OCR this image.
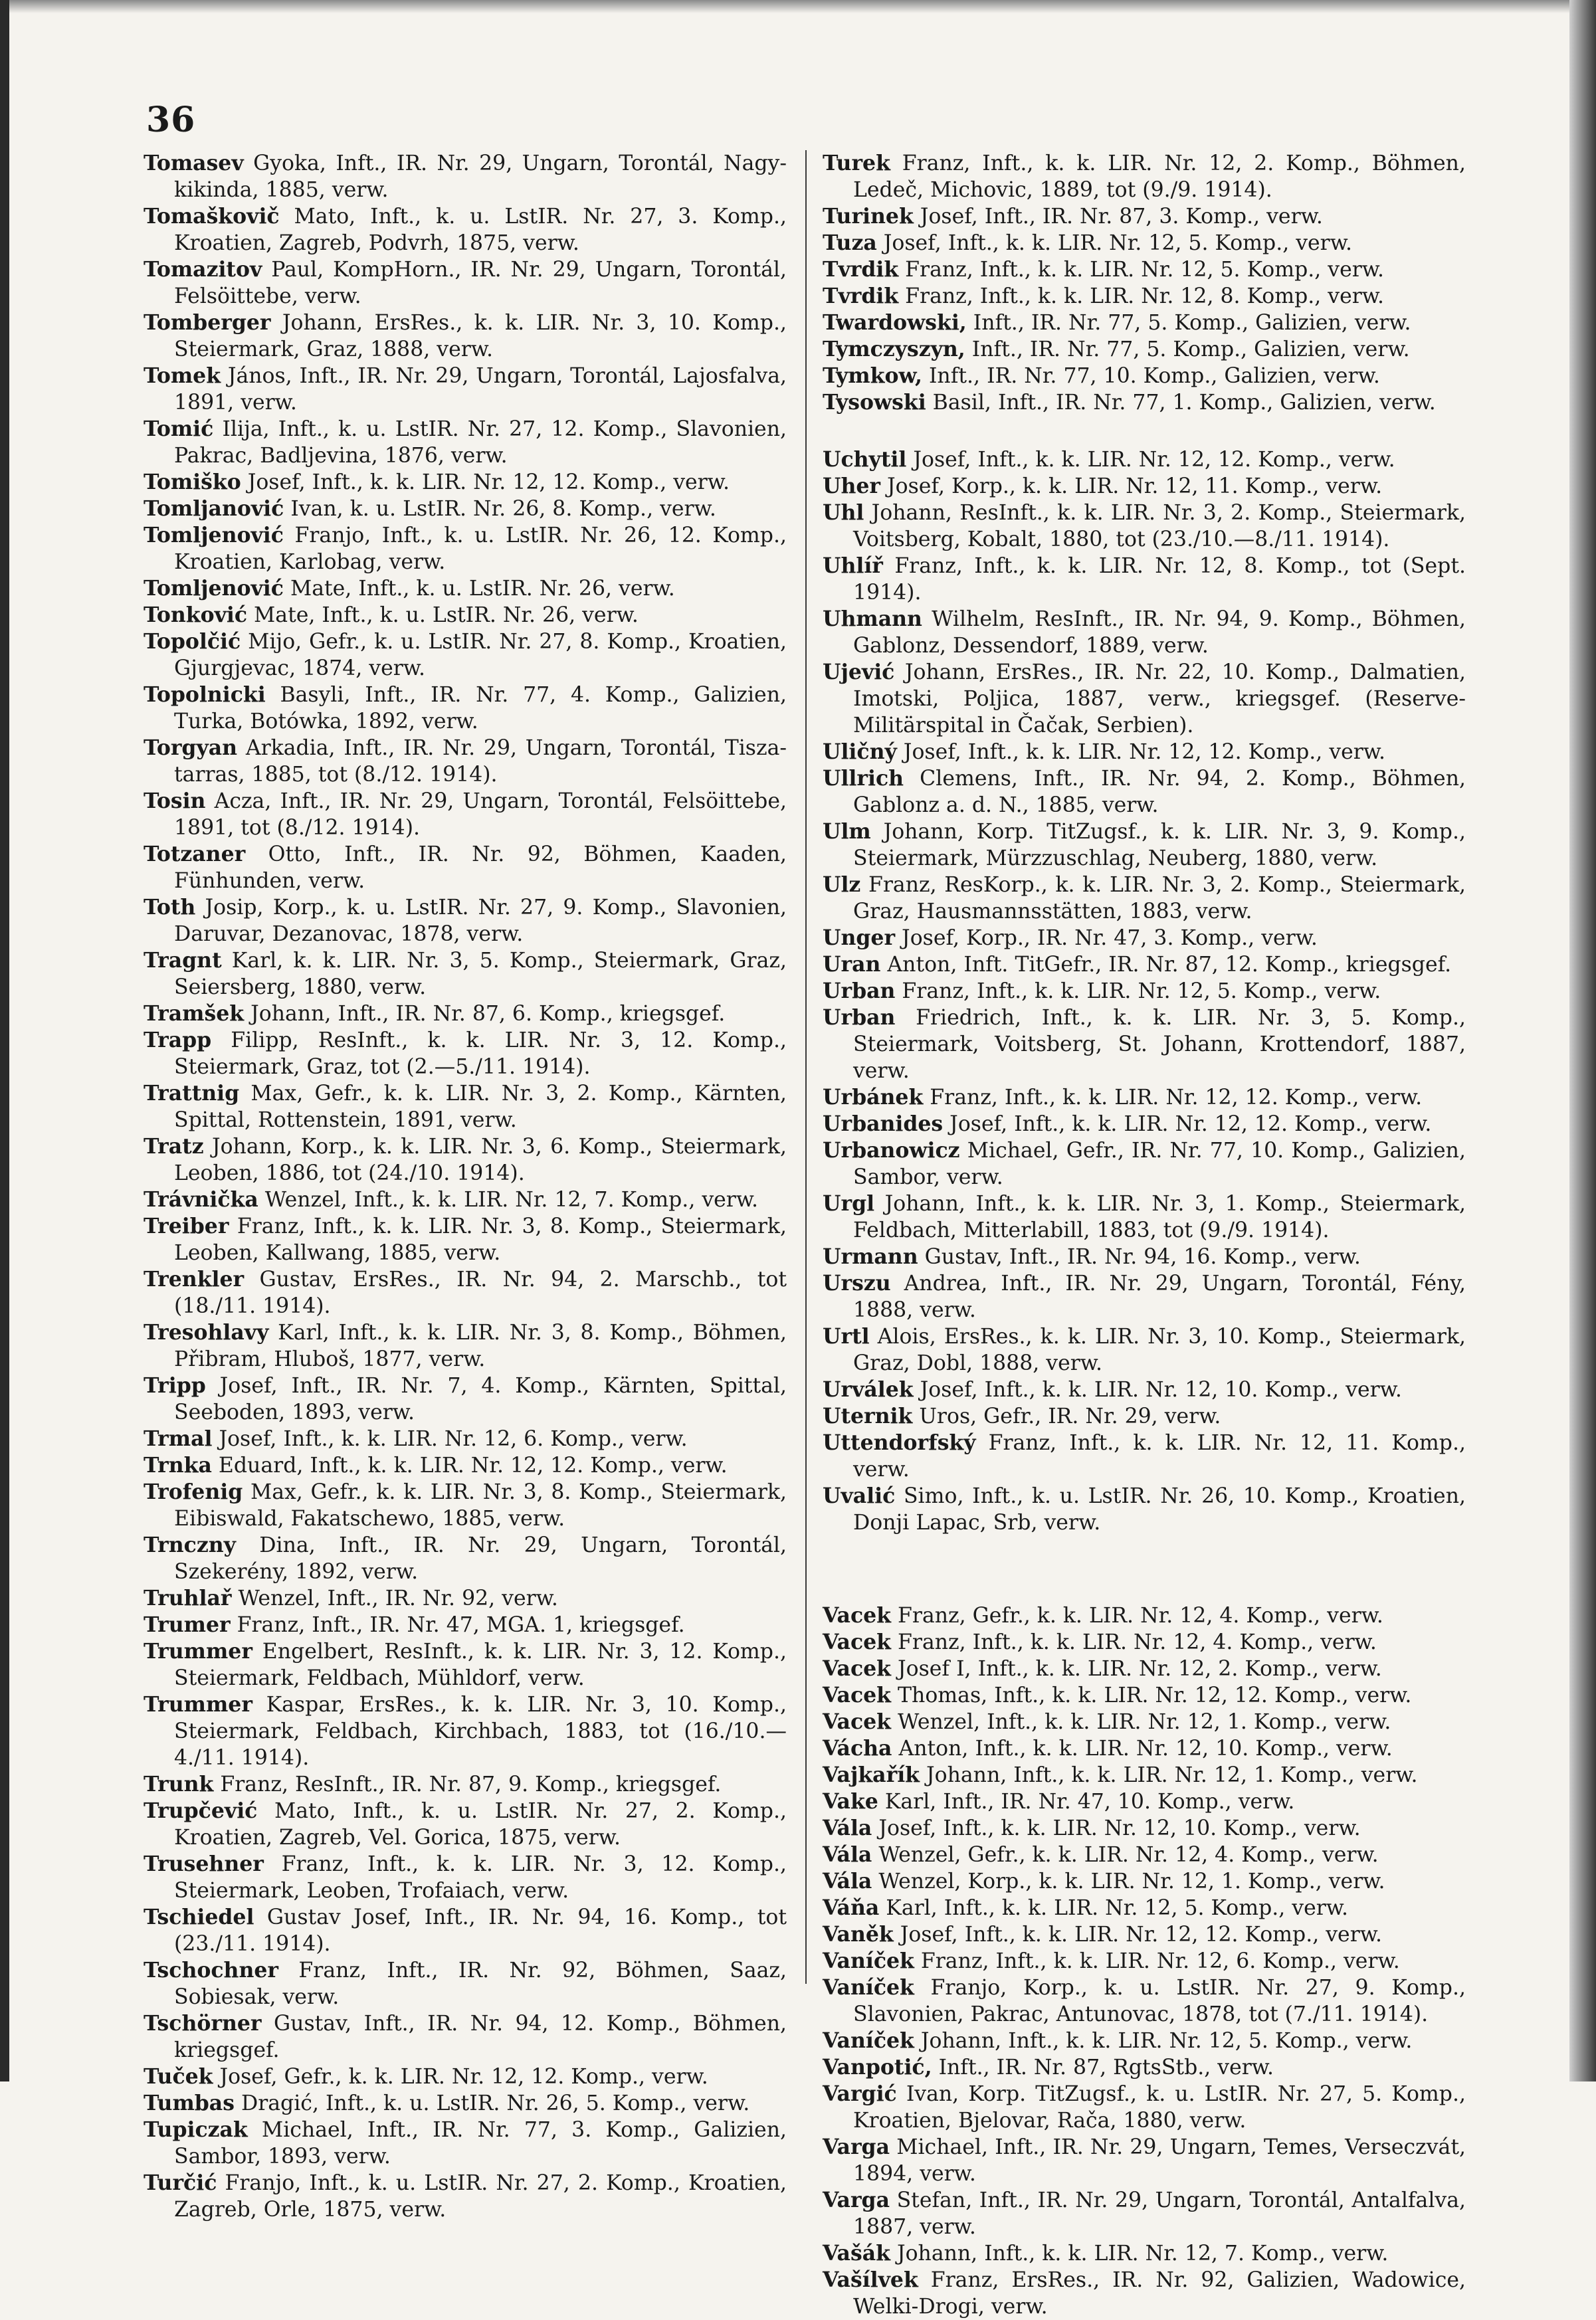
36

Tomasev Gyoka, Inft., IR. Nr. 29, Ungarn, Torontál, Nagy-kikinda, 1885, verw.

Tomaškovič Mato, Inft., k. u. LstIR. Nr. 27, 3. Komp., Kroatien, Zagreb, Podvrh, 1875, verw.

Tomazitov Paul, KompHorn., IR. Nr. 29, Ungarn, Torontál, Felsöittebe, verw.

Tomberger Johann, ErsRes., k. k. LIR. Nr. 3, 10. Komp., Steiermark, Graz, 1888, verw.

Tomek János, Inft., IR. Nr. 29, Ungarn, Torontál, Lajosfalva, 1891, verw.

Tomić Ilija, Inft., k. u. LstIR. Nr. 27, 12. Komp., Slavonien, Pakrac, Badljevina, 1876, verw.

Tomiško Josef, Inft., k. k. LIR. Nr. 12, 12. Komp., verw.

Tomljanović Ivan, k. u. LstIR. Nr. 26, 8. Komp., verw.

Tomljenović Franjo, Inft., k. u. LstIR. Nr. 26, 12. Komp., Kroatien, Karlobag, verw.

Tomljenović Mate, Inft., k. u. LstIR. Nr. 26, verw.

Tonković Mate, Inft., k. u. LstIR. Nr. 26, verw.

Topolčić Mijo, Gefr., k. u. LstIR. Nr. 27, 8. Komp., Kroatien, Gjurgjevac, 1874, verw.

Topolnicki Basyli, Inft., IR. Nr. 77, 4. Komp., Galizien, Turka, Botówka, 1892, verw.

Torgyan Arkadia, Inft., IR. Nr. 29, Ungarn, Torontál, Tisza-tarras, 1885, tot (8./12. 1914).

Tosin Acza, Inft., IR. Nr. 29, Ungarn, Torontál, Felsöittebe, 1891, tot (8./12. 1914).

Totzaner Otto, Inft., IR. Nr. 92, Böhmen, Kaaden, Fünhunden, verw.

Toth Josip, Korp., k. u. LstIR. Nr. 27, 9. Komp., Slavonien, Daruvar, Dezanovac, 1878, verw.

Tragnt Karl, k. k. LIR. Nr. 3, 5. Komp., Steiermark, Graz, Seiersberg, 1880, verw.

Tramšek Johann, Inft., IR. Nr. 87, 6. Komp., kriegsgef.

Trapp Filipp, ResInft., k. k. LIR. Nr. 3, 12. Komp., Steiermark, Graz, tot (2.—5./11. 1914).

Trattnig Max, Gefr., k. k. LIR. Nr. 3, 2. Komp., Kärnten, Spittal, Rottenstein, 1891, verw.

Tratz Johann, Korp., k. k. LIR. Nr. 3, 6. Komp., Steiermark, Leoben, 1886, tot (24./10. 1914).

Trávnička Wenzel, Inft., k. k. LIR. Nr. 12, 7. Komp., verw.

Treiber Franz, Inft., k. k. LIR. Nr. 3, 8. Komp., Steiermark, Leoben, Kallwang, 1885, verw.

Trenkler Gustav, ErsRes., IR. Nr. 94, 2. Marschb., tot (18./11. 1914).

Tresohlavy Karl, Inft., k. k. LIR. Nr. 3, 8. Komp., Böhmen, Přibram, Hluboš, 1877, verw.

Tripp Josef, Inft., IR. Nr. 7, 4. Komp., Kärnten, Spittal, Seeboden, 1893, verw.

Trmal Josef, Inft., k. k. LIR. Nr. 12, 6. Komp., verw.

Trnka Eduard, Inft., k. k. LIR. Nr. 12, 12. Komp., verw.

Trofenig Max, Gefr., k. k. LIR. Nr. 3, 8. Komp., Steiermark, Eibiswald, Fakatschewo, 1885, verw.

Trnczny Dina, Inft., IR. Nr. 29, Ungarn, Torontál, Szekerény, 1892, verw.

Truhlař Wenzel, Inft., IR. Nr. 92, verw.

Trumer Franz, Inft., IR. Nr. 47, MGA. 1, kriegsgef.

Trummer Engelbert, ResInft., k. k. LIR. Nr. 3, 12. Komp., Steiermark, Feldbach, Mühldorf, verw.

Trummer Kaspar, ErsRes., k. k. LIR. Nr. 3, 10. Komp., Steiermark, Feldbach, Kirchbach, 1883, tot (16./10.—4./11. 1914).

Trunk Franz, ResInft., IR. Nr. 87, 9. Komp., kriegsgef.

Trupčević Mato, Inft., k. u. LstIR. Nr. 27, 2. Komp., Kroatien, Zagreb, Vel. Gorica, 1875, verw.

Trusehner Franz, Inft., k. k. LIR. Nr. 3, 12. Komp., Steiermark, Leoben, Trofaiach, verw.

Tschiedel Gustav Josef, Inft., IR. Nr. 94, 16. Komp., tot (23./11. 1914).

Tschochner Franz, Inft., IR. Nr. 92, Böhmen, Saaz, Sobiesak, verw.

Tschörner Gustav, Inft., IR. Nr. 94, 12. Komp., Böhmen, kriegsgef.

Tuček Josef, Gefr., k. k. LIR. Nr. 12, 12. Komp., verw.

Tumbas Dragić, Inft., k. u. LstIR. Nr. 26, 5. Komp., verw.

Tupiczak Michael, Inft., IR. Nr. 77, 3. Komp., Galizien, Sambor, 1893, verw.

Turčić Franjo, Inft., k. u. LstIR. Nr. 27, 2. Komp., Kroatien, Zagreb, Orle, 1875, verw.

Turek Franz, Inft., k. k. LIR. Nr. 12, 2. Komp., Böhmen, Ledeč, Michovic, 1889, tot (9./9. 1914).

Turinek Josef, Inft., IR. Nr. 87, 3. Komp., verw.

Tuza Josef, Inft., k. k. LIR. Nr. 12, 5. Komp., verw.

Tvrdik Franz, Inft., k. k. LIR. Nr. 12, 5. Komp., verw.

Tvrdik Franz, Inft., k. k. LIR. Nr. 12, 8. Komp., verw.

Twardowski, Inft., IR. Nr. 77, 5. Komp., Galizien, verw.

Tymczyszyn, Inft., IR. Nr. 77, 5. Komp., Galizien, verw.

Tymkow, Inft., IR. Nr. 77, 10. Komp., Galizien, verw.

Tysowski Basil, Inft., IR. Nr. 77, 1. Komp., Galizien, verw.

Uchytil Josef, Inft., k. k. LIR. Nr. 12, 12. Komp., verw.

Uher Josef, Korp., k. k. LIR. Nr. 12, 11. Komp., verw.

Uhl Johann, ResInft., k. k. LIR. Nr. 3, 2. Komp., Steiermark, Voitsberg, Kobalt, 1880, tot (23./10.—8./11. 1914).

Uhlíř Franz, Inft., k. k. LIR. Nr. 12, 8. Komp., tot (Sept. 1914).

Uhmann Wilhelm, ResInft., IR. Nr. 94, 9. Komp., Böhmen, Gablonz, Dessendorf, 1889, verw.

Ujević Johann, ErsRes., IR. Nr. 22, 10. Komp., Dalmatien, Imotski, Poljica, 1887, verw., kriegsgef. (Reserve-Militärspital in Čačak, Serbien).

Uličný Josef, Inft., k. k. LIR. Nr. 12, 12. Komp., verw.

Ullrich Clemens, Inft., IR. Nr. 94, 2. Komp., Böhmen, Gablonz a. d. N., 1885, verw.

Ulm Johann, Korp. TitZugsf., k. k. LIR. Nr. 3, 9. Komp., Steiermark, Mürzzuschlag, Neuberg, 1880, verw.

Ulz Franz, ResKorp., k. k. LIR. Nr. 3, 2. Komp., Steiermark, Graz, Hausmannsstätten, 1883, verw.

Unger Josef, Korp., IR. Nr. 47, 3. Komp., verw.

Uran Anton, Inft. TitGefr., IR. Nr. 87, 12. Komp., kriegsgef.

Urban Franz, Inft., k. k. LIR. Nr. 12, 5. Komp., verw.

Urban Friedrich, Inft., k. k. LIR. Nr. 3, 5. Komp., Steiermark, Voitsberg, St. Johann, Krottendorf, 1887, verw.

Urbánek Franz, Inft., k. k. LIR. Nr. 12, 12. Komp., verw.

Urbanides Josef, Inft., k. k. LIR. Nr. 12, 12. Komp., verw.

Urbanowicz Michael, Gefr., IR. Nr. 77, 10. Komp., Galizien, Sambor, verw.

Urgl Johann, Inft., k. k. LIR. Nr. 3, 1. Komp., Steiermark, Feldbach, Mitterlabill, 1883, tot (9./9. 1914).

Urmann Gustav, Inft., IR. Nr. 94, 16. Komp., verw.

Urszu Andrea, Inft., IR. Nr. 29, Ungarn, Torontál, Fény, 1888, verw.

Urtl Alois, ErsRes., k. k. LIR. Nr. 3, 10. Komp., Steiermark, Graz, Dobl, 1888, verw.

Urválek Josef, Inft., k. k. LIR. Nr. 12, 10. Komp., verw.

Uternik Uros, Gefr., IR. Nr. 29, verw.

Uttendorfský Franz, Inft., k. k. LIR. Nr. 12, 11. Komp., verw.

Uvalić Simo, Inft., k. u. LstIR. Nr. 26, 10. Komp., Kroatien, Donji Lapac, Srb, verw.

Vacek Franz, Gefr., k. k. LIR. Nr. 12, 4. Komp., verw.

Vacek Franz, Inft., k. k. LIR. Nr. 12, 4. Komp., verw.

Vacek Josef I, Inft., k. k. LIR. Nr. 12, 2. Komp., verw.

Vacek Thomas, Inft., k. k. LIR. Nr. 12, 12. Komp., verw.

Vacek Wenzel, Inft., k. k. LIR. Nr. 12, 1. Komp., verw.

Vácha Anton, Inft., k. k. LIR. Nr. 12, 10. Komp., verw.

Vajkařík Johann, Inft., k. k. LIR. Nr. 12, 1. Komp., verw.

Vake Karl, Inft., IR. Nr. 47, 10. Komp., verw.

Vála Josef, Inft., k. k. LIR. Nr. 12, 10. Komp., verw.

Vála Wenzel, Gefr., k. k. LIR. Nr. 12, 4. Komp., verw.

Vála Wenzel, Korp., k. k. LIR. Nr. 12, 1. Komp., verw.

Váňa Karl, Inft., k. k. LIR. Nr. 12, 5. Komp., verw.

Vaněk Josef, Inft., k. k. LIR. Nr. 12, 12. Komp., verw.

Vaníček Franz, Inft., k. k. LIR. Nr. 12, 6. Komp., verw.

Vaníček Franjo, Korp., k. u. LstIR. Nr. 27, 9. Komp., Slavonien, Pakrac, Antunovac, 1878, tot (7./11. 1914).

Vaníček Johann, Inft., k. k. LIR. Nr. 12, 5. Komp., verw.

Vanpotić, Inft., IR. Nr. 87, RgtsStb., verw.

Vargić Ivan, Korp. TitZugsf., k. u. LstIR. Nr. 27, 5. Komp., Kroatien, Bjelovar, Rača, 1880, verw.

Varga Michael, Inft., IR. Nr. 29, Ungarn, Temes, Verseczvát, 1894, verw.

Varga Stefan, Inft., IR. Nr. 29, Ungarn, Torontál, Antalfalva, 1887, verw.

Vašák Johann, Inft., k. k. LIR. Nr. 12, 7. Komp., verw.

Vašílvek Franz, ErsRes., IR. Nr. 92, Galizien, Wadowice, Welki-Drogi, verw.
